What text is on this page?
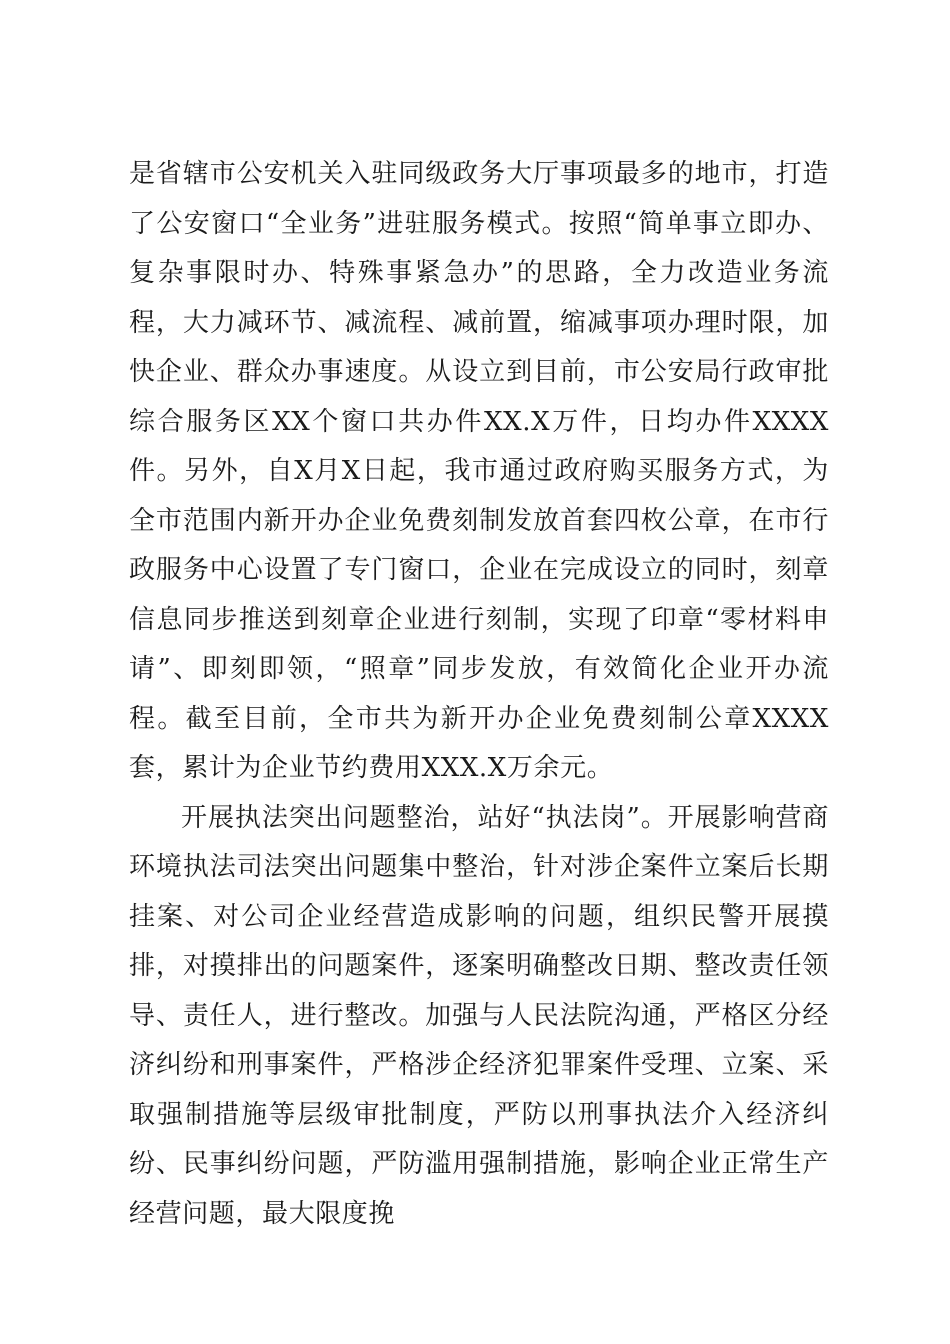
是省辖市公安机关入驻同级政务大厅事项最多的地市，打造了公安窗口“全业务”进驻服务模式。按照“简单事立即办、复杂事限时办、特殊事紧急办”的思路，全力改造业务流程，大力减环节、减流程、减前置，缩减事项办理时限，加快企业、群众办事速度。从设立到目前，市公安局行政审批综合服务区XX个窗口共办件XX.X万件，日均办件XXXX件。另外，自X月X日起，我市通过政府购买服务方式，为全市范围内新开办企业免费刻制发放首套四枚公章，在市行政服务中心设置了专门窗口，企业在完成设立的同时，刻章信息同步推送到刻章企业进行刻制，实现了印章“零材料申请”、即刻即领，“照章”同步发放，有效简化企业开办流程。截至目前，全市共为新开办企业免费刻制公章XXXX套，累计为企业节约费用XXX.X万余元。

开展执法突出问题整治，站好“执法岗”。开展影响营商环境执法司法突出问题集中整治，针对涉企案件立案后长期挂案、对公司企业经营造成影响的问题，组织民警开展摸排，对摸排出的问题案件，逐案明确整改日期、整改责任领导、责任人，进行整改。加强与人民法院沟通，严格区分经济纠纷和刑事案件，严格涉企经济犯罪案件受理、立案、采取强制措施等层级审批制度，严防以刑事执法介入经济纠纷、民事纠纷问题，严防滥用强制措施，影响企业正常生产经营问题，最大限度挽
